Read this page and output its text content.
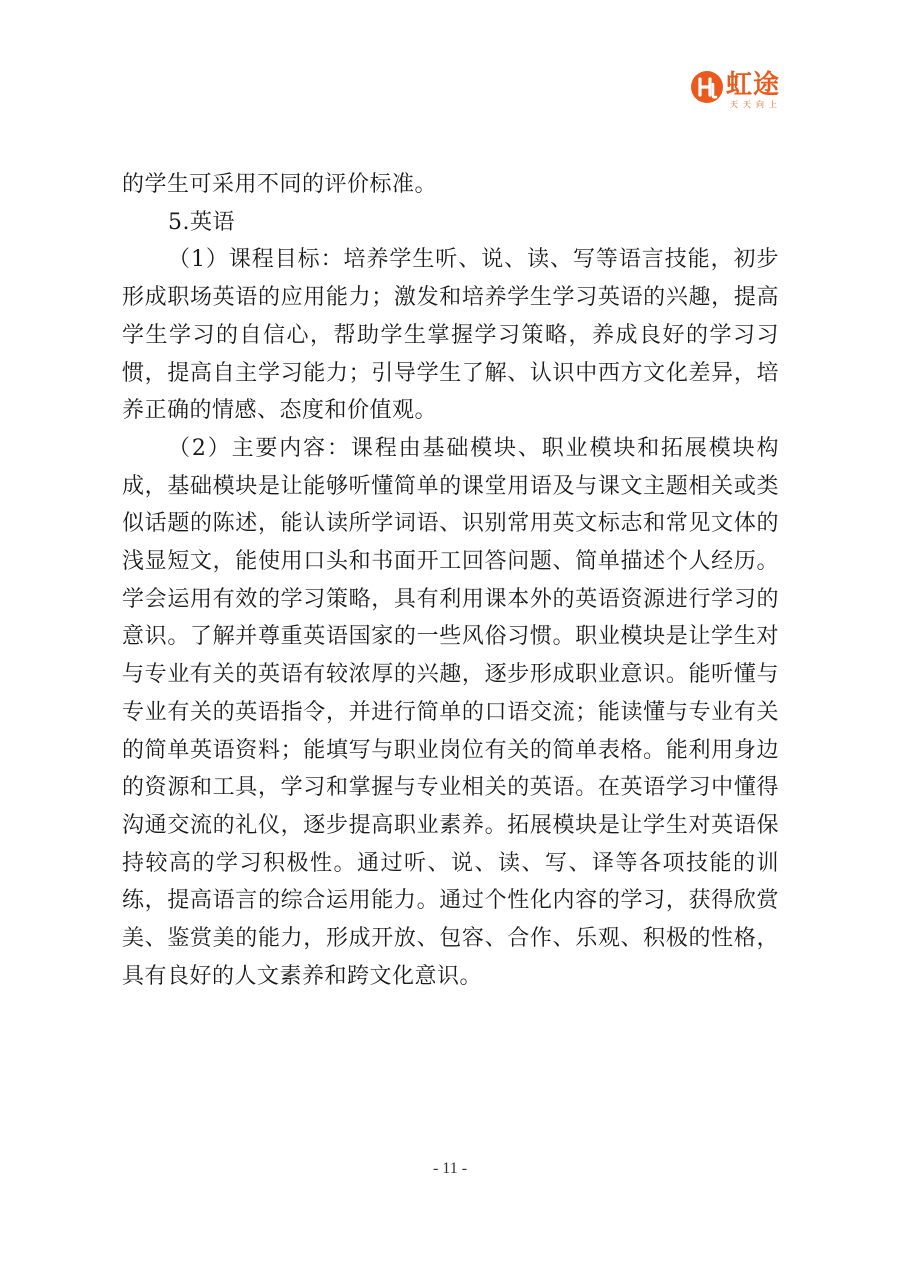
虹途
天天向上

的学生可采用不同的评价标准。

5.英语

（1）课程目标：培养学生听、说、读、写等语言技能，初步形成职场英语的应用能力；激发和培养学生学习英语的兴趣，提高学生学习的自信心，帮助学生掌握学习策略，养成良好的学习习惯，提高自主学习能力；引导学生了解、认识中西方文化差异，培养正确的情感、态度和价值观。

（2）主要内容：课程由基础模块、职业模块和拓展模块构成，基础模块是让能够听懂简单的课堂用语及与课文主题相关或类似话题的陈述，能认读所学词语、识别常用英文标志和常见文体的浅显短文，能使用口头和书面开工回答问题、简单描述个人经历。学会运用有效的学习策略，具有利用课本外的英语资源进行学习的意识。了解并尊重英语国家的一些风俗习惯。职业模块是让学生对与专业有关的英语有较浓厚的兴趣，逐步形成职业意识。能听懂与专业有关的英语指令，并进行简单的口语交流；能读懂与专业有关的简单英语资料；能填写与职业岗位有关的简单表格。能利用身边的资源和工具，学习和掌握与专业相关的英语。在英语学习中懂得沟通交流的礼仪，逐步提高职业素养。拓展模块是让学生对英语保持较高的学习积极性。通过听、说、读、写、译等各项技能的训练，提高语言的综合运用能力。通过个性化内容的学习，获得欣赏美、鉴赏美的能力，形成开放、包容、合作、乐观、积极的性格，具有良好的人文素养和跨文化意识。

- 11 -
